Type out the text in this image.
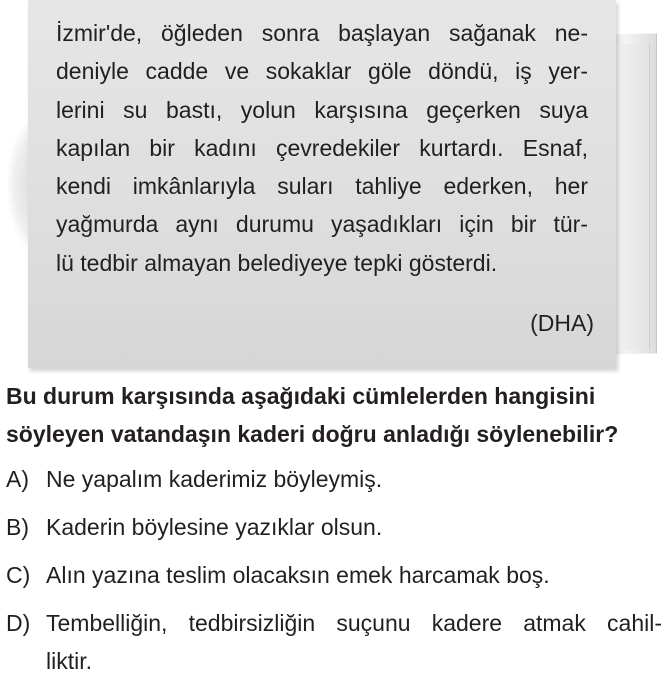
İzmir'de, öğleden sonra başlayan sağanak ne-
deniyle cadde ve sokaklar göle döndü, iş yer-
lerini su bastı, yolun karşısına geçerken suya
kapılan bir kadını çevredekiler kurtardı. Esnaf,
kendi imkânlarıyla suları tahliye ederken, her
yağmurda aynı durumu yaşadıkları için bir tür-
lü tedbir almayan belediyeye tepki gösterdi.

(DHA)
Bu durum karşısında aşağıdaki cümlelerden hangisini
söyleyen vatandaşın kaderi doğru anladığı söylenebilir?
A) Ne yapalım kaderimiz böyleymiş.
B) Kaderin böylesine yazıklar olsun.
C) Alın yazına teslim olacaksın emek harcamak boş.
D) Tembelliğin, tedbirsizliğin suçunu kadere atmak cahil-
liktir.
